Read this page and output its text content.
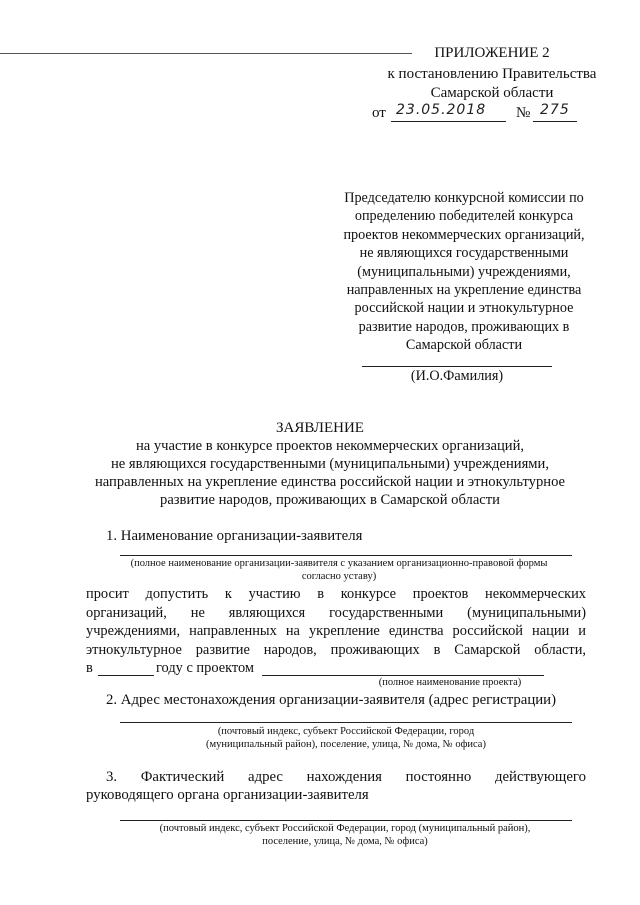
ПРИЛОЖЕНИЕ 2
к постановлению Правительства
Самарской области
от 23.05.2018 № 275
Председателю конкурсной комиссии по
определению победителей конкурса
проектов некоммерческих организаций,
не являющихся государственными
(муниципальными) учреждениями,
направленных на укрепление единства
российской нации и этнокультурное
развитие народов, проживающих в
Самарской области
(И.О.Фамилия)
ЗАЯВЛЕНИЕ
на участие в конкурсе проектов некоммерческих организаций,
не являющихся государственными (муниципальными) учреждениями,
направленных на укрепление единства российской нации и этнокультурное
развитие народов, проживающих в Самарской области
1. Наименование организации-заявителя
(полное наименование организации-заявителя с указанием организационно-правовой формы
согласно уставу)
просит допустить к участию в конкурсе проектов некоммерческих
организаций, не являющихся государственными (муниципальными)
учреждениями, направленных на укрепление единства российской нации и
этнокультурное развитие народов, проживающих в Самарской области,
в	году с проектом
(полное наименование проекта)
2. Адрес местонахождения организации-заявителя (адрес регистрации)
(почтовый индекс, субъект Российской Федерации, город
(муниципальный район), поселение, улица, № дома, № офиса)
3. Фактический адрес нахождения постоянно действующего
руководящего органа организации-заявителя
(почтовый индекс, субъект Российской Федерации, город (муниципальный район),
поселение, улица, № дома, № офиса)
